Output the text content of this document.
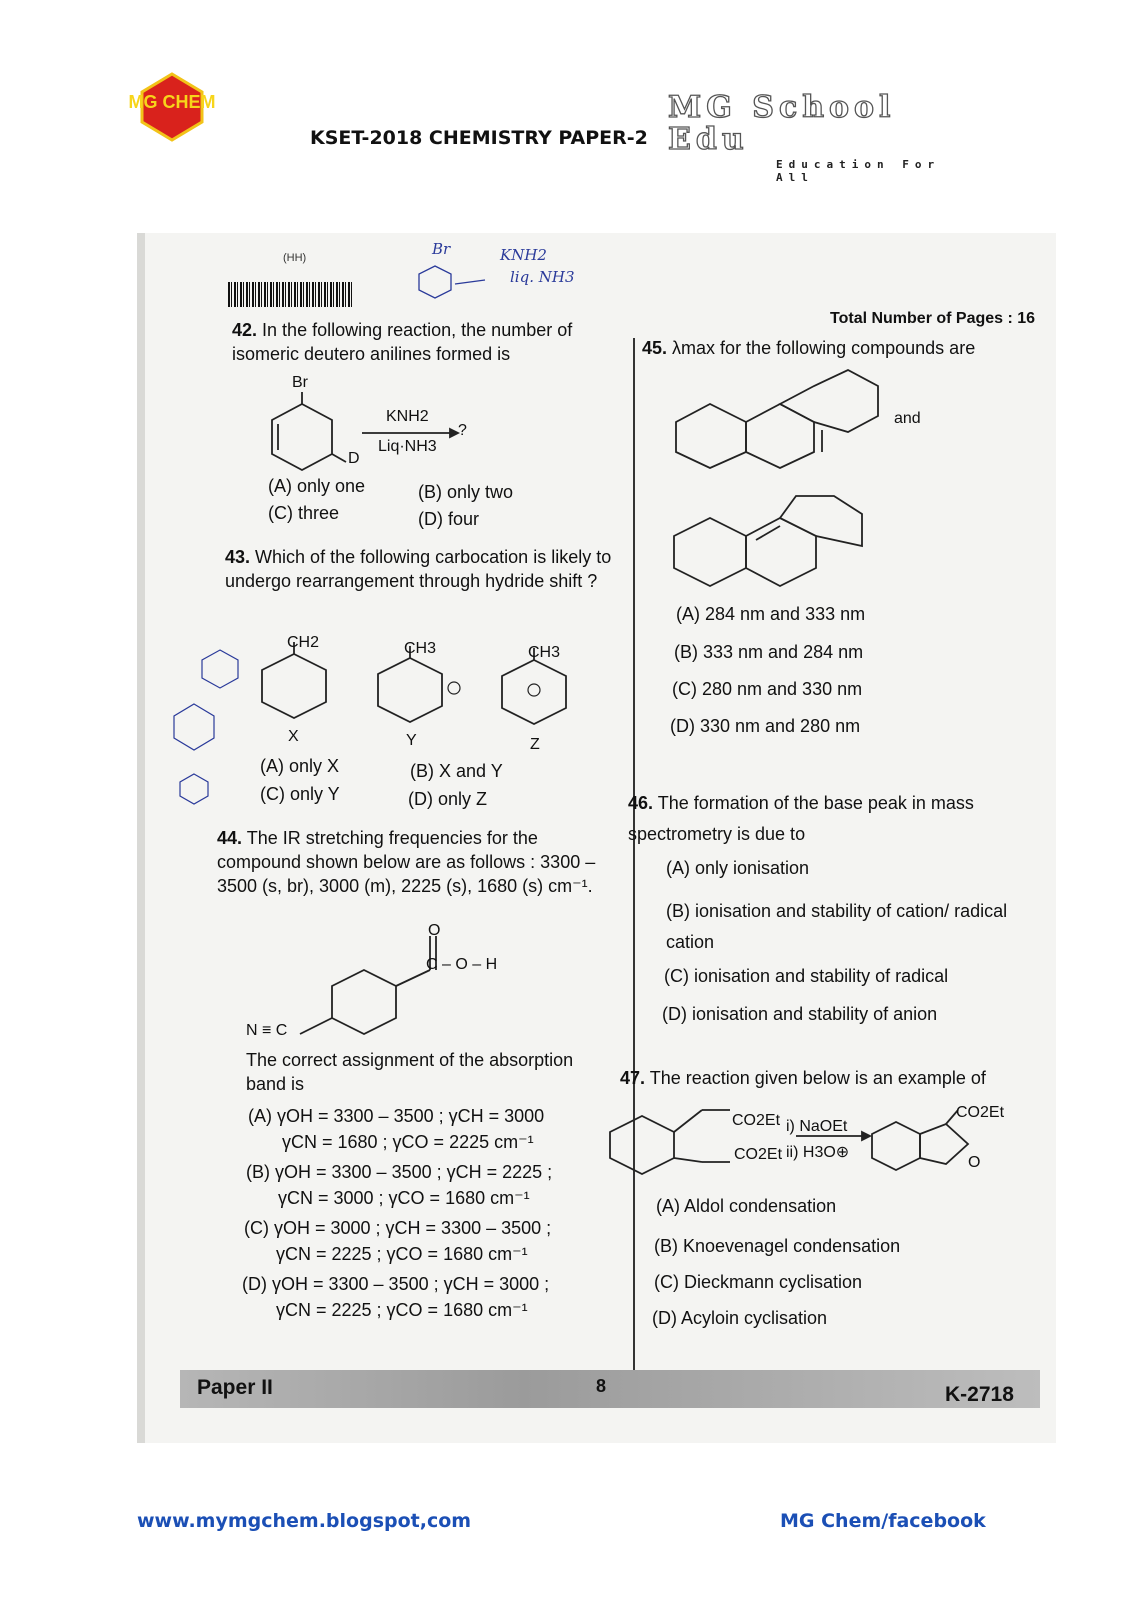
MG CHEM
KSET-2018 CHEMISTRY PAPER-2
MG School Edu
Education For All
(HH)
Total Number of Pages : 16
Br	KNH2
liq. NH3
42. In the following reaction, the number of isomeric deutero anilines formed is
Br
D
KNH2
Liq·NH3
?
(A) only one	(B) only two
(C) three	(D) four
43. Which of the following carbocation is likely to undergo rearrangement through hydride shift ?
CH2	CH3	CH3
X	Y	Z
(A) only X	(B) X and Y
(C) only Y	(D) only Z
44. The IR stretching frequencies for the compound shown below are as follows : 3300 – 3500 (s, br), 3000 (m), 2225 (s), 1680 (s) cm⁻¹.
O
C – O – H
N ≡ C
The correct assignment of the absorption band is
(A) γOH = 3300 – 3500 ; γCH = 3000
γCN = 1680 ; γCO = 2225 cm⁻¹
(B) γOH = 3300 – 3500 ; γCH = 2225 ;
γCN = 3000 ; γCO = 1680 cm⁻¹
(C) γOH = 3000 ; γCH = 3300 – 3500 ;
γCN = 2225 ; γCO = 1680 cm⁻¹
(D) γOH = 3300 – 3500 ; γCH = 3000 ;
γCN = 2225 ; γCO = 1680 cm⁻¹
45. λmax for the following compounds are
and
(A) 284 nm and 333 nm
(B) 333 nm and 284 nm
(C) 280 nm and 330 nm
(D) 330 nm and 280 nm
46. The formation of the base peak in mass spectrometry is due to
(A) only ionisation
(B) ionisation and stability of cation/ radical cation
(C) ionisation and stability of radical
(D) ionisation and stability of anion
47. The reaction given below is an example of
CO2Et
CO2Et
i) NaOEt
ii) H3O⊕
CO2Et
O
(A) Aldol condensation
(B) Knoevenagel condensation
(C) Dieckmann cyclisation
(D) Acyloin cyclisation
Paper II	8	K-2718
www.mymgchem.blogspot,com	MG Chem/facebook
